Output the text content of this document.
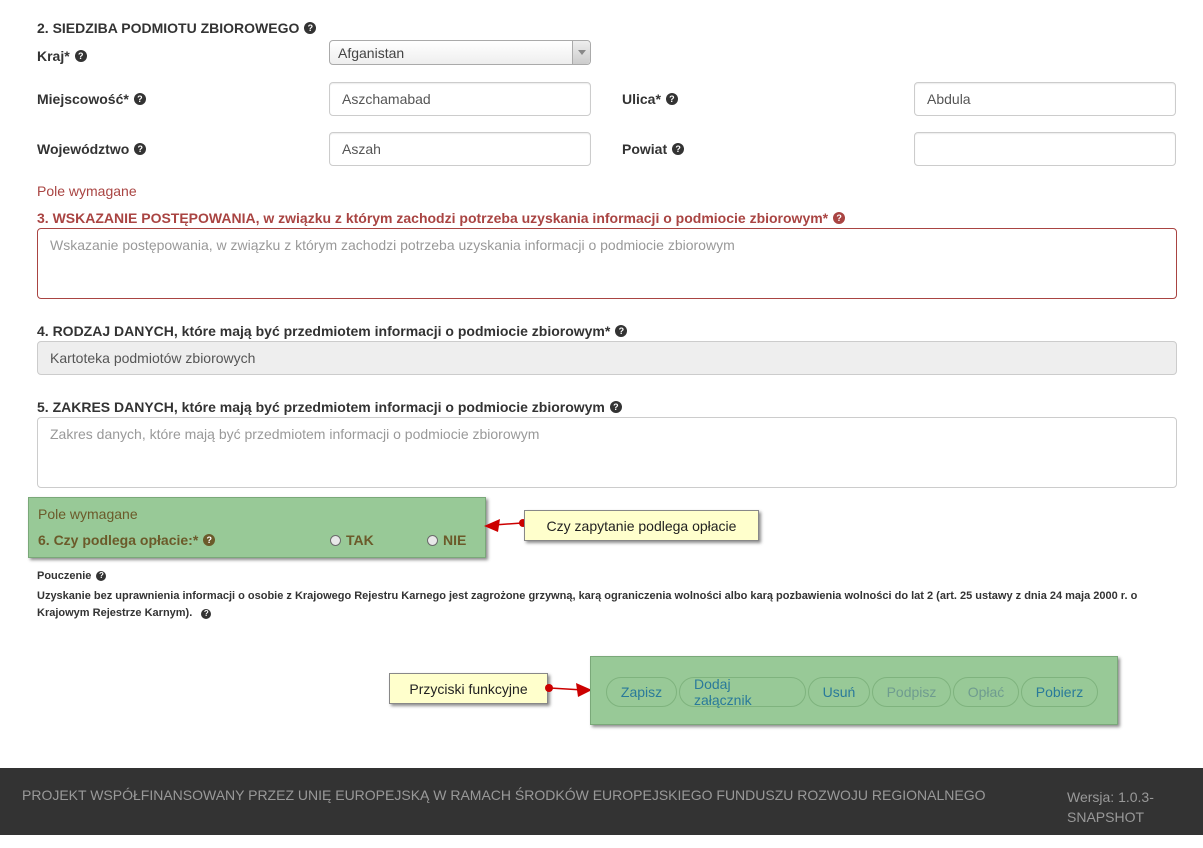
2. SIEDZIBA PODMIOTU ZBIOROWEGO ?
Kraj* ?	Afganistan
Miejscowość* ?	Aszchamabad	Ulica* ?	Abdula
Województwo ?	Aszah	Powiat ?
Pole wymagane
3. WSKAZANIE POSTĘPOWANIA, w związku z którym zachodzi potrzeba uzyskania informacji o podmiocie zbiorowym* ?
Wskazanie postępowania, w związku z którym zachodzi potrzeba uzyskania informacji o podmiocie zbiorowym
4. RODZAJ DANYCH, które mają być przedmiotem informacji o podmiocie zbiorowym* ?
Kartoteka podmiotów zbiorowych
5. ZAKRES DANYCH, które mają być przedmiotem informacji o podmiocie zbiorowym ?
Zakres danych, które mają być przedmiotem informacji o podmiocie zbiorowym
Pole wymagane
6. Czy podlega opłacie:* ?	TAK	NIE
Czy zapytanie podlega opłacie
Pouczenie ?
Uzyskanie bez uprawnienia informacji o osobie z Krajowego Rejestru Karnego jest zagrożone grzywną, karą ograniczenia wolności albo karą pozbawienia wolności do lat 2 (art. 25 ustawy z dnia 24 maja 2000 r. o Krajowym Rejestrze Karnym). ?
Przyciski funkcyjne	Zapisz	Dodaj załącznik	Usuń	Podpisz	Opłać	Pobierz
PROJEKT WSPÓŁFINANSOWANY PRZEZ UNIĘ EUROPEJSKĄ W RAMACH ŚRODKÓW EUROPEJSKIEGO FUNDUSZU ROZWOJU REGIONALNEGO	Wersja: 1.0.3-
SNAPSHOT
